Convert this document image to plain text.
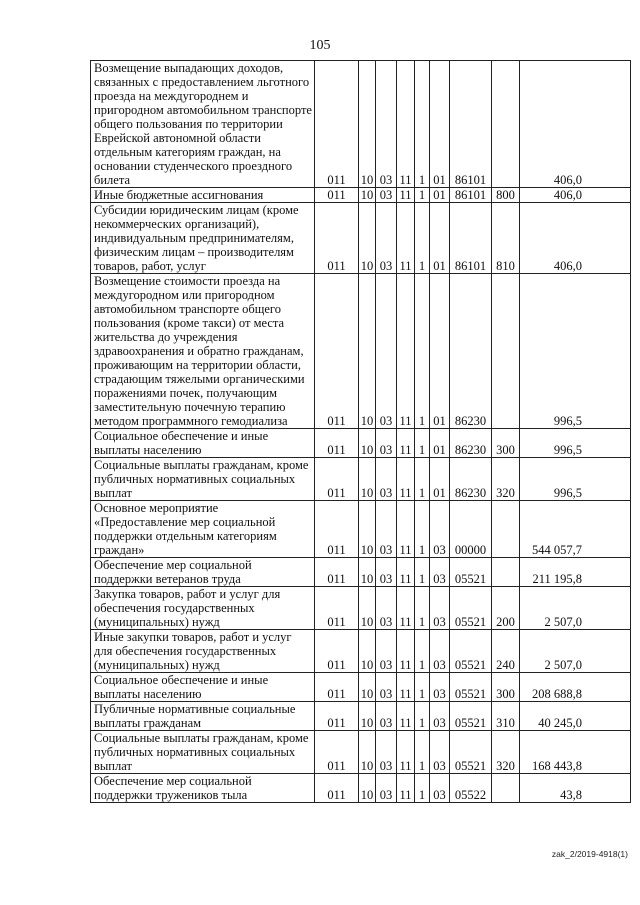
105
Возмещение выпадающих доходов, связанных с предоставлением льготного проезда на междугороднем и пригородном автомобильном транспорте общего пользования по территории Еврейской автономной области отдельным категориям граждан, на основании студенческого проездного билета	011	10	03	11	1	01	86101		406,0
Иные бюджетные ассигнования	011	10	03	11	1	01	86101	800	406,0
Субсидии юридическим лицам (кроме некоммерческих организаций), индивидуальным предпринимателям, физическим лицам – производителям товаров, работ, услуг	011	10	03	11	1	01	86101	810	406,0
Возмещение стоимости проезда на междугородном или пригородном автомобильном транспорте общего пользования (кроме такси) от места жительства до учреждения здравоохранения и обратно гражданам, проживающим на территории области, страдающим тяжелыми органическими поражениями почек, получающим заместительную почечную терапию методом программного гемодиализа	011	10	03	11	1	01	86230		996,5
Социальное обеспечение и иные выплаты населению	011	10	03	11	1	01	86230	300	996,5
Социальные выплаты гражданам, кроме публичных нормативных социальных выплат	011	10	03	11	1	01	86230	320	996,5
Основное мероприятие «Предоставление мер социальной поддержки отдельным категориям граждан»	011	10	03	11	1	03	00000		544 057,7
Обеспечение мер социальной поддержки ветеранов труда	011	10	03	11	1	03	05521		211 195,8
Закупка товаров, работ и услуг для обеспечения государственных (муниципальных) нужд	011	10	03	11	1	03	05521	200	2 507,0
Иные закупки товаров, работ и услуг для обеспечения государственных (муниципальных) нужд	011	10	03	11	1	03	05521	240	2 507,0
Социальное обеспечение и иные выплаты населению	011	10	03	11	1	03	05521	300	208 688,8
Публичные нормативные социальные выплаты гражданам	011	10	03	11	1	03	05521	310	40 245,0
Социальные выплаты гражданам, кроме публичных нормативных социальных выплат	011	10	03	11	1	03	05521	320	168 443,8
Обеспечение мер социальной поддержки тружеников тыла	011	10	03	11	1	03	05522		43,8
zak_2/2019-4918(1)
